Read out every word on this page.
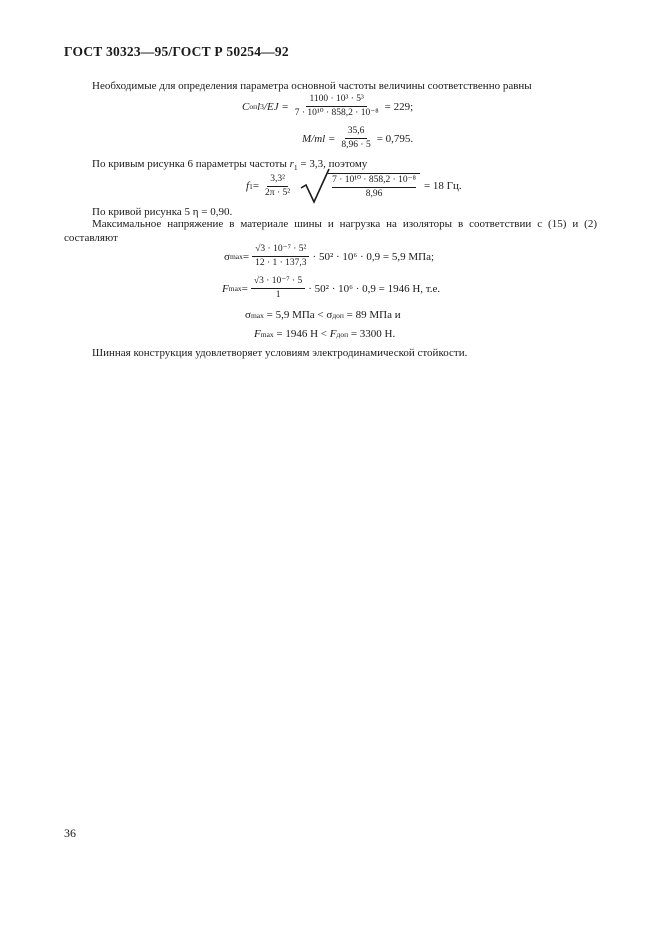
ГОСТ 30323—95/ГОСТ Р 50254—92
Необходимые для определения параметра основной частоты величины соответственно равны
C оп l 3 $/EJ = \frac{\text{1100 · 10³ · 5³}}{\text{7 · 10¹⁰ · 858,2 · 10⁻⁸}} = 229$;
$M/ml = \frac{35,6}{8,96 \cdot 5} = 0,795$.
По кривым рисунка 6 параметры частоты $r_1 = 3,3$, поэтому
f $1 = \frac{\text{3,3²}}{\text{2π · 5²}}$	$\frac{\text{7 · 10¹⁰ · 858,2 · 10⁻⁸}}{8,96} = 18$ Гц.
По кривой рисунка 5 η = 0,90.
Максимальное напряжение в материале шины и нагрузка на изоляторы в соответствии с (15) и (2) составляют
σ $\max = \frac{\text{√3 · 10⁻⁷ · 5²}}{12 \cdot 1 \cdot 137,3} \cdot 50^2 \cdot 10^6 \cdot 0,9 = 5,9$ МПа;
F $\max = \frac{\text{√3 · 10⁻⁷ · 5}}{1} \cdot 50^2 \cdot 10^6 \cdot 0,9 = 1946$ Н, т.е.
σ max = 5,9 МПа < σ доп = 89 МПа и
F max = 1946 Н < F доп = 3300 Н.
Шинная конструкция удовлетворяет условиям электродинамической стойкости.
36
